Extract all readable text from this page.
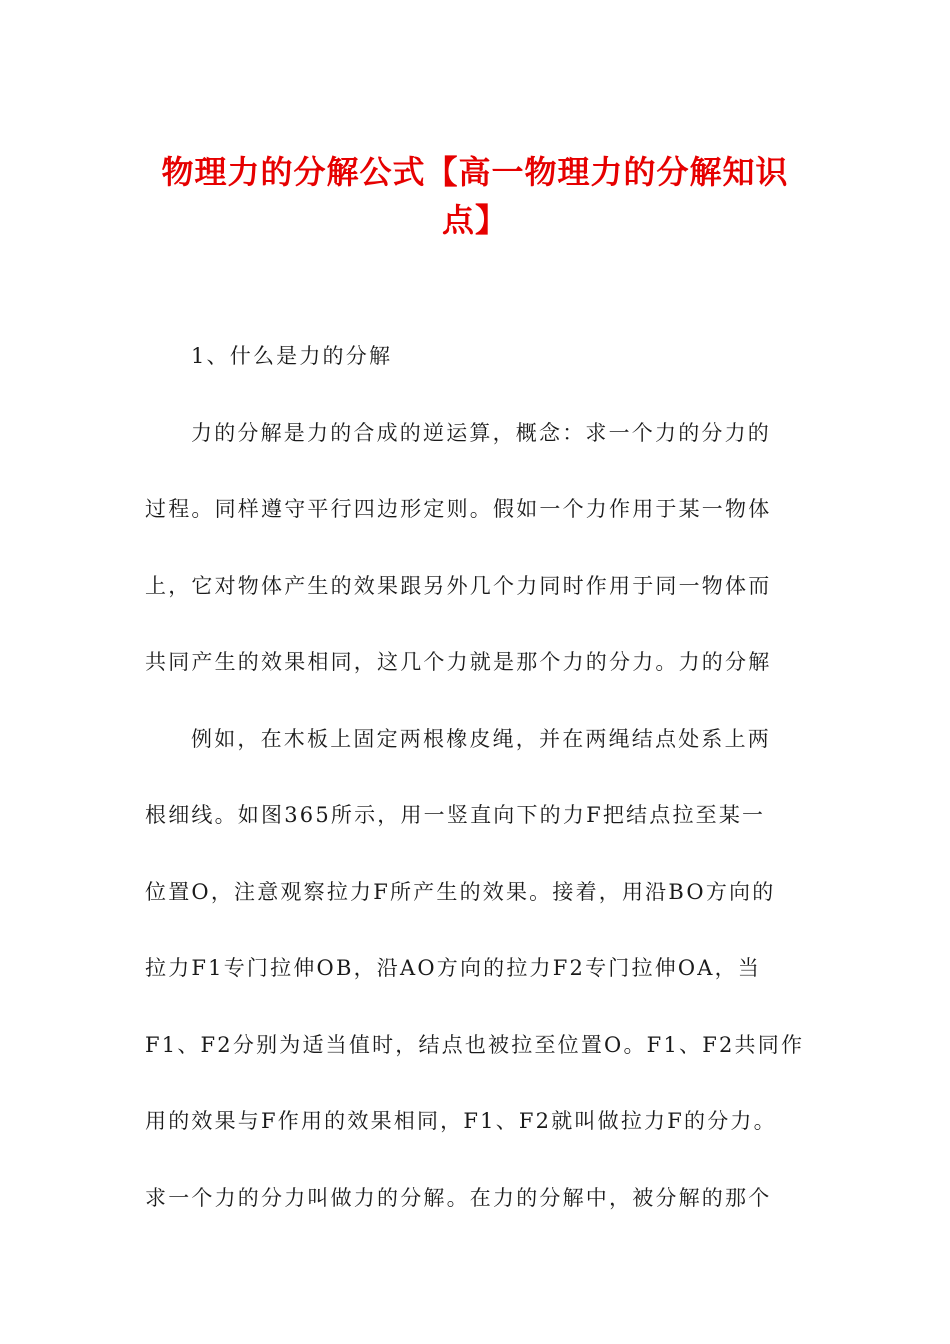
物理力的分解公式【高一物理力的分解知识点】

1、什么是力的分解

力的分解是力的合成的逆运算，概念：求一个力的分力的

过程。同样遵守平行四边形定则。假如一个力作用于某一物体

上，它对物体产生的效果跟另外几个力同时作用于同一物体而

共同产生的效果相同，这几个力就是那个力的分力。力的分解

例如，在木板上固定两根橡皮绳，并在两绳结点处系上两

根细线。如图365所示，用一竖直向下的力F把结点拉至某一

位置O，注意观察拉力F所产生的效果。接着，用沿BO方向的

拉力F1专门拉伸OB，沿AO方向的拉力F2专门拉伸OA，当

F1、F2分别为适当值时，结点也被拉至位置O。F1、F2共同作

用的效果与F作用的效果相同，F1、F2就叫做拉力F的分力。

求一个力的分力叫做力的分解。在力的分解中，被分解的那个
